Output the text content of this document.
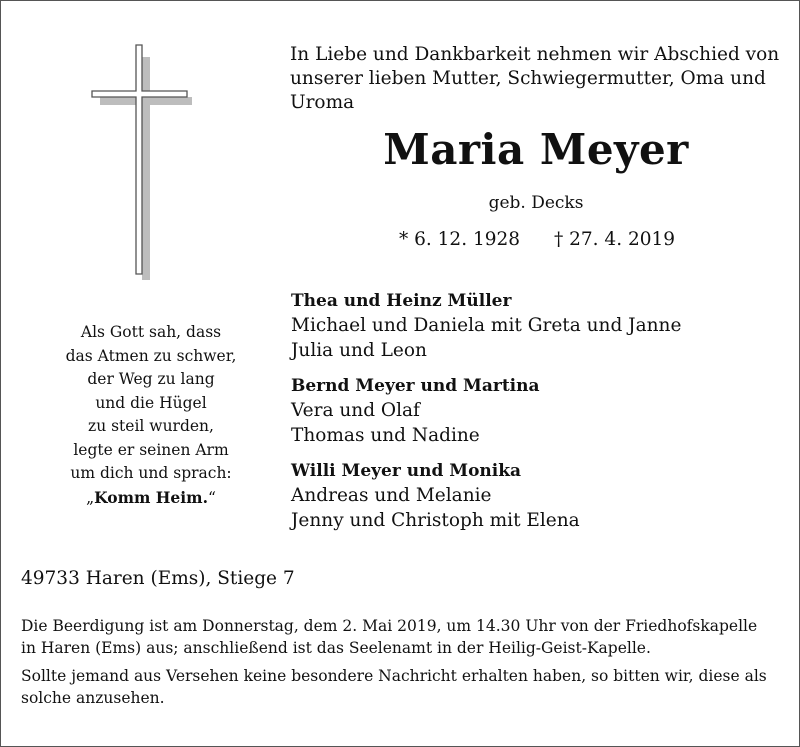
In Liebe und Dankbarkeit nehmen wir Abschied von
unserer lieben Mutter, Schwiegermutter, Oma und Uroma
Maria Meyer
geb. Decks
* 6. 12. 1928 † 27. 4. 2019
Als Gott sah, dass
das Atmen zu schwer,
der Weg zu lang
und die Hügel
zu steil wurden,
legte er seinen Arm
um dich und sprach:
„Komm Heim.“
Thea und Heinz Müller
Michael und Daniela mit Greta und Janne
Julia und Leon
Bernd Meyer und Martina
Vera und Olaf
Thomas und Nadine
Willi Meyer und Monika
Andreas und Melanie
Jenny und Christoph mit Elena
49733 Haren (Ems), Stiege 7
Die Beerdigung ist am Donnerstag, dem 2. Mai 2019, um 14.30 Uhr von der Friedhofskapelle
in Haren (Ems) aus; anschließend ist das Seelenamt in der Heilig-Geist-Kapelle.
Sollte jemand aus Versehen keine besondere Nachricht erhalten haben, so bitten wir, diese als
solche anzusehen.
